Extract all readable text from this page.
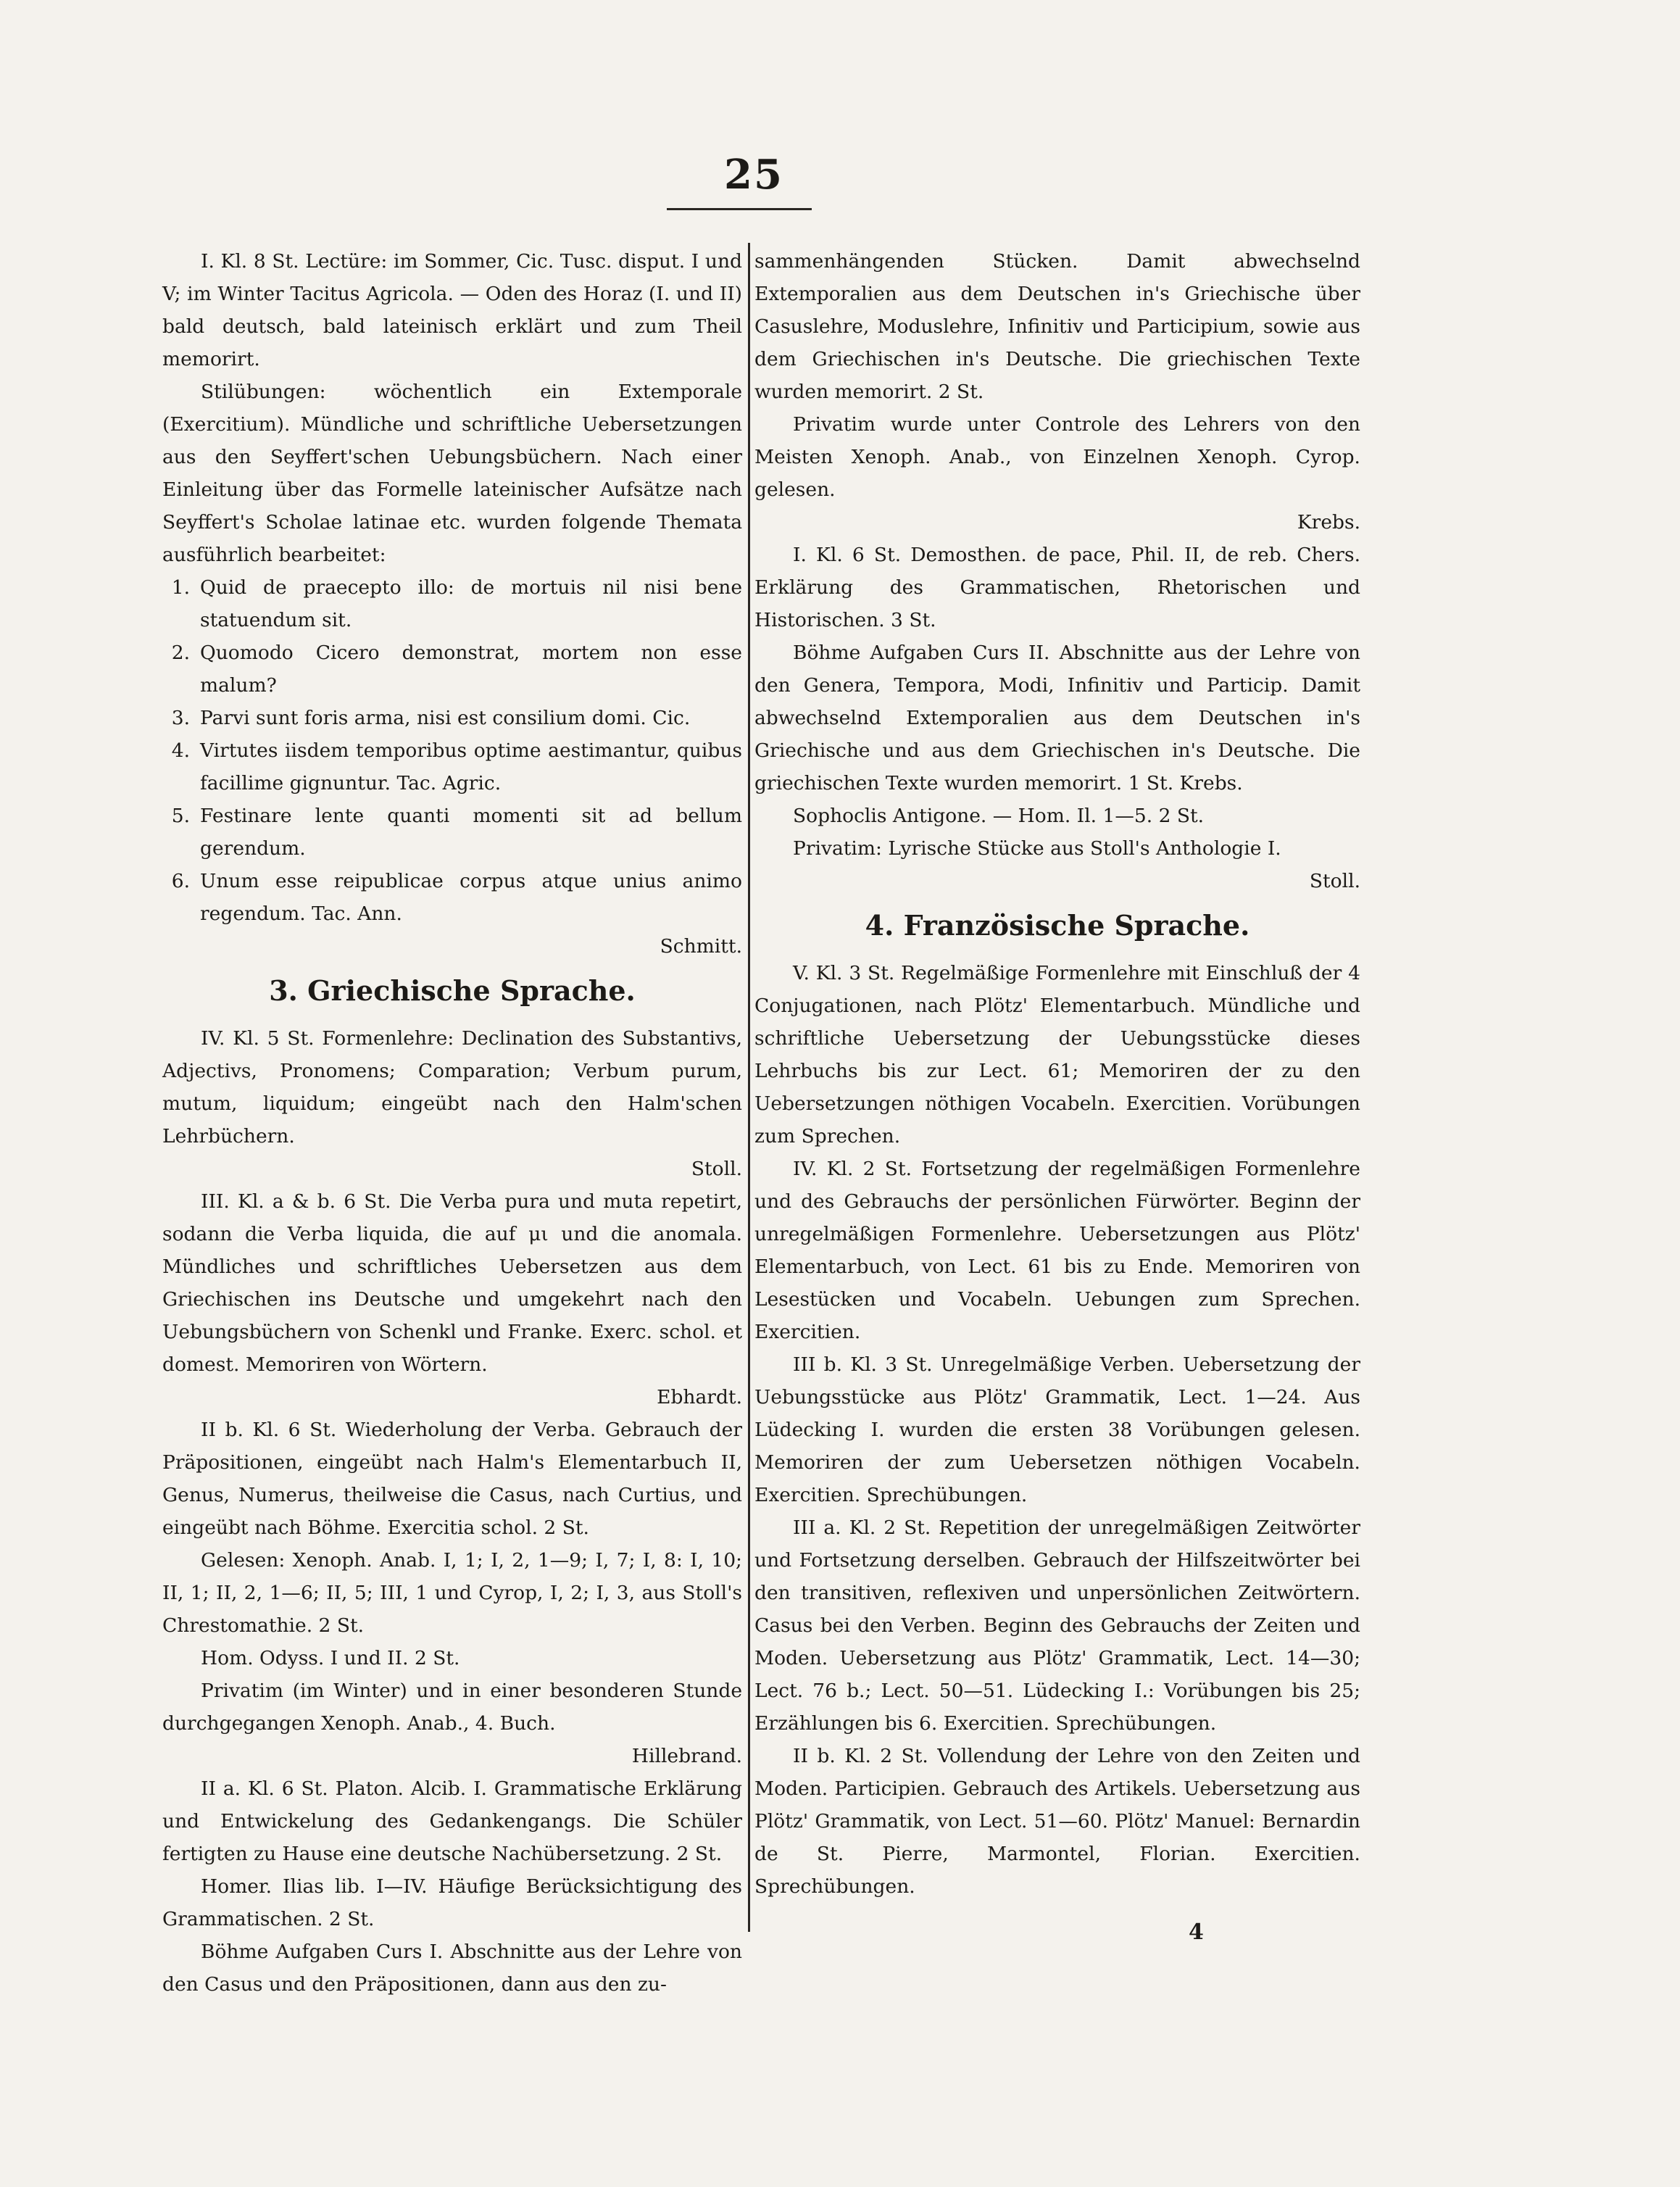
25

I. Kl. 8 St. Lectüre: im Sommer, Cic. Tusc. disput. I und V; im Winter Tacitus Agricola. — Oden des Horaz (I. und II) bald deutsch, bald lateinisch erklärt und zum Theil memorirt.

Stilübungen: wöchentlich ein Extemporale (Exercitium). Mündliche und schriftliche Uebersetzungen aus den Seyffert'schen Uebungsbüchern. Nach einer Einleitung über das Formelle lateinischer Aufsätze nach Seyffert's Scholae latinae etc. wurden folgende Themata ausführlich bearbeitet:

1. Quid de praecepto illo: de mortuis nil nisi bene statuendum sit.
2. Quomodo Cicero demonstrat, mortem non esse malum?
3. Parvi sunt foris arma, nisi est consilium domi. Cic.
4. Virtutes iisdem temporibus optime aestimantur, quibus facillime gignuntur. Tac. Agric.
5. Festinare lente quanti momenti sit ad bellum gerendum.
6. Unum esse reipublicae corpus atque unius animo regendum. Tac. Ann.

Schmitt.

3. Griechische Sprache.

IV. Kl. 5 St. Formenlehre: Declination des Substantivs, Adjectivs, Pronomens; Comparation; Verbum purum, mutum, liquidum; eingeübt nach den Halm'schen Lehrbüchern.

Stoll.

III. Kl. a & b. 6 St. Die Verba pura und muta repetirt, sodann die Verba liquida, die auf μι und die anomala. Mündliches und schriftliches Uebersetzen aus dem Griechischen ins Deutsche und umgekehrt nach den Uebungsbüchern von Schenkl und Franke. Exerc. schol. et domest. Memoriren von Wörtern.

Ebhardt.

II b. Kl. 6 St. Wiederholung der Verba. Gebrauch der Präpositionen, eingeübt nach Halm's Elementarbuch II, Genus, Numerus, theilweise die Casus, nach Curtius, und eingeübt nach Böhme. Exercitia schol. 2 St.

Gelesen: Xenoph. Anab. I, 1; I, 2, 1—9; I, 7; I, 8: I, 10; II, 1; II, 2, 1—6; II, 5; III, 1 und Cyrop, I, 2; I, 3, aus Stoll's Chrestomathie. 2 St.

Hom. Odyss. I und II. 2 St.

Privatim (im Winter) und in einer besonderen Stunde durchgegangen Xenoph. Anab., 4. Buch.

Hillebrand.

II a. Kl. 6 St. Platon. Alcib. I. Grammatische Erklärung und Entwickelung des Gedankengangs. Die Schüler fertigten zu Hause eine deutsche Nachübersetzung. 2 St.

Homer. Ilias lib. I—IV. Häufige Berücksichtigung des Grammatischen. 2 St.

Böhme Aufgaben Curs I. Abschnitte aus der Lehre von den Casus und den Präpositionen, dann aus den zu-

sammenhängenden Stücken. Damit abwechselnd Extemporalien aus dem Deutschen in's Griechische über Casuslehre, Moduslehre, Infinitiv und Participium, sowie aus dem Griechischen in's Deutsche. Die griechischen Texte wurden memorirt. 2 St.

Privatim wurde unter Controle des Lehrers von den Meisten Xenoph. Anab., von Einzelnen Xenoph. Cyrop. gelesen.

Krebs.

I. Kl. 6 St. Demosthen. de pace, Phil. II, de reb. Chers. Erklärung des Grammatischen, Rhetorischen und Historischen. 3 St.

Böhme Aufgaben Curs II. Abschnitte aus der Lehre von den Genera, Tempora, Modi, Infinitiv und Particip. Damit abwechselnd Extemporalien aus dem Deutschen in's Griechische und aus dem Griechischen in's Deutsche. Die griechischen Texte wurden memorirt. 1 St. Krebs.

Sophoclis Antigone. — Hom. Il. 1—5. 2 St.

Privatim: Lyrische Stücke aus Stoll's Anthologie I.

Stoll.

4. Französische Sprache.

V. Kl. 3 St. Regelmäßige Formenlehre mit Einschluß der 4 Conjugationen, nach Plötz' Elementarbuch. Mündliche und schriftliche Uebersetzung der Uebungsstücke dieses Lehrbuchs bis zur Lect. 61; Memoriren der zu den Uebersetzungen nöthigen Vocabeln. Exercitien. Vorübungen zum Sprechen.

IV. Kl. 2 St. Fortsetzung der regelmäßigen Formenlehre und des Gebrauchs der persönlichen Fürwörter. Beginn der unregelmäßigen Formenlehre. Uebersetzungen aus Plötz' Elementarbuch, von Lect. 61 bis zu Ende. Memoriren von Lesestücken und Vocabeln. Uebungen zum Sprechen. Exercitien.

III b. Kl. 3 St. Unregelmäßige Verben. Uebersetzung der Uebungsstücke aus Plötz' Grammatik, Lect. 1—24. Aus Lüdecking I. wurden die ersten 38 Vorübungen gelesen. Memoriren der zum Uebersetzen nöthigen Vocabeln. Exercitien. Sprechübungen.

III a. Kl. 2 St. Repetition der unregelmäßigen Zeitwörter und Fortsetzung derselben. Gebrauch der Hilfszeitwörter bei den transitiven, reflexiven und unpersönlichen Zeitwörtern. Casus bei den Verben. Beginn des Gebrauchs der Zeiten und Moden. Uebersetzung aus Plötz' Grammatik, Lect. 14—30; Lect. 76 b.; Lect. 50—51. Lüdecking I.: Vorübungen bis 25; Erzählungen bis 6. Exercitien. Sprechübungen.

II b. Kl. 2 St. Vollendung der Lehre von den Zeiten und Moden. Participien. Gebrauch des Artikels. Uebersetzung aus Plötz' Grammatik, von Lect. 51—60. Plötz' Manuel: Bernardin de St. Pierre, Marmontel, Florian. Exercitien. Sprechübungen.

4
